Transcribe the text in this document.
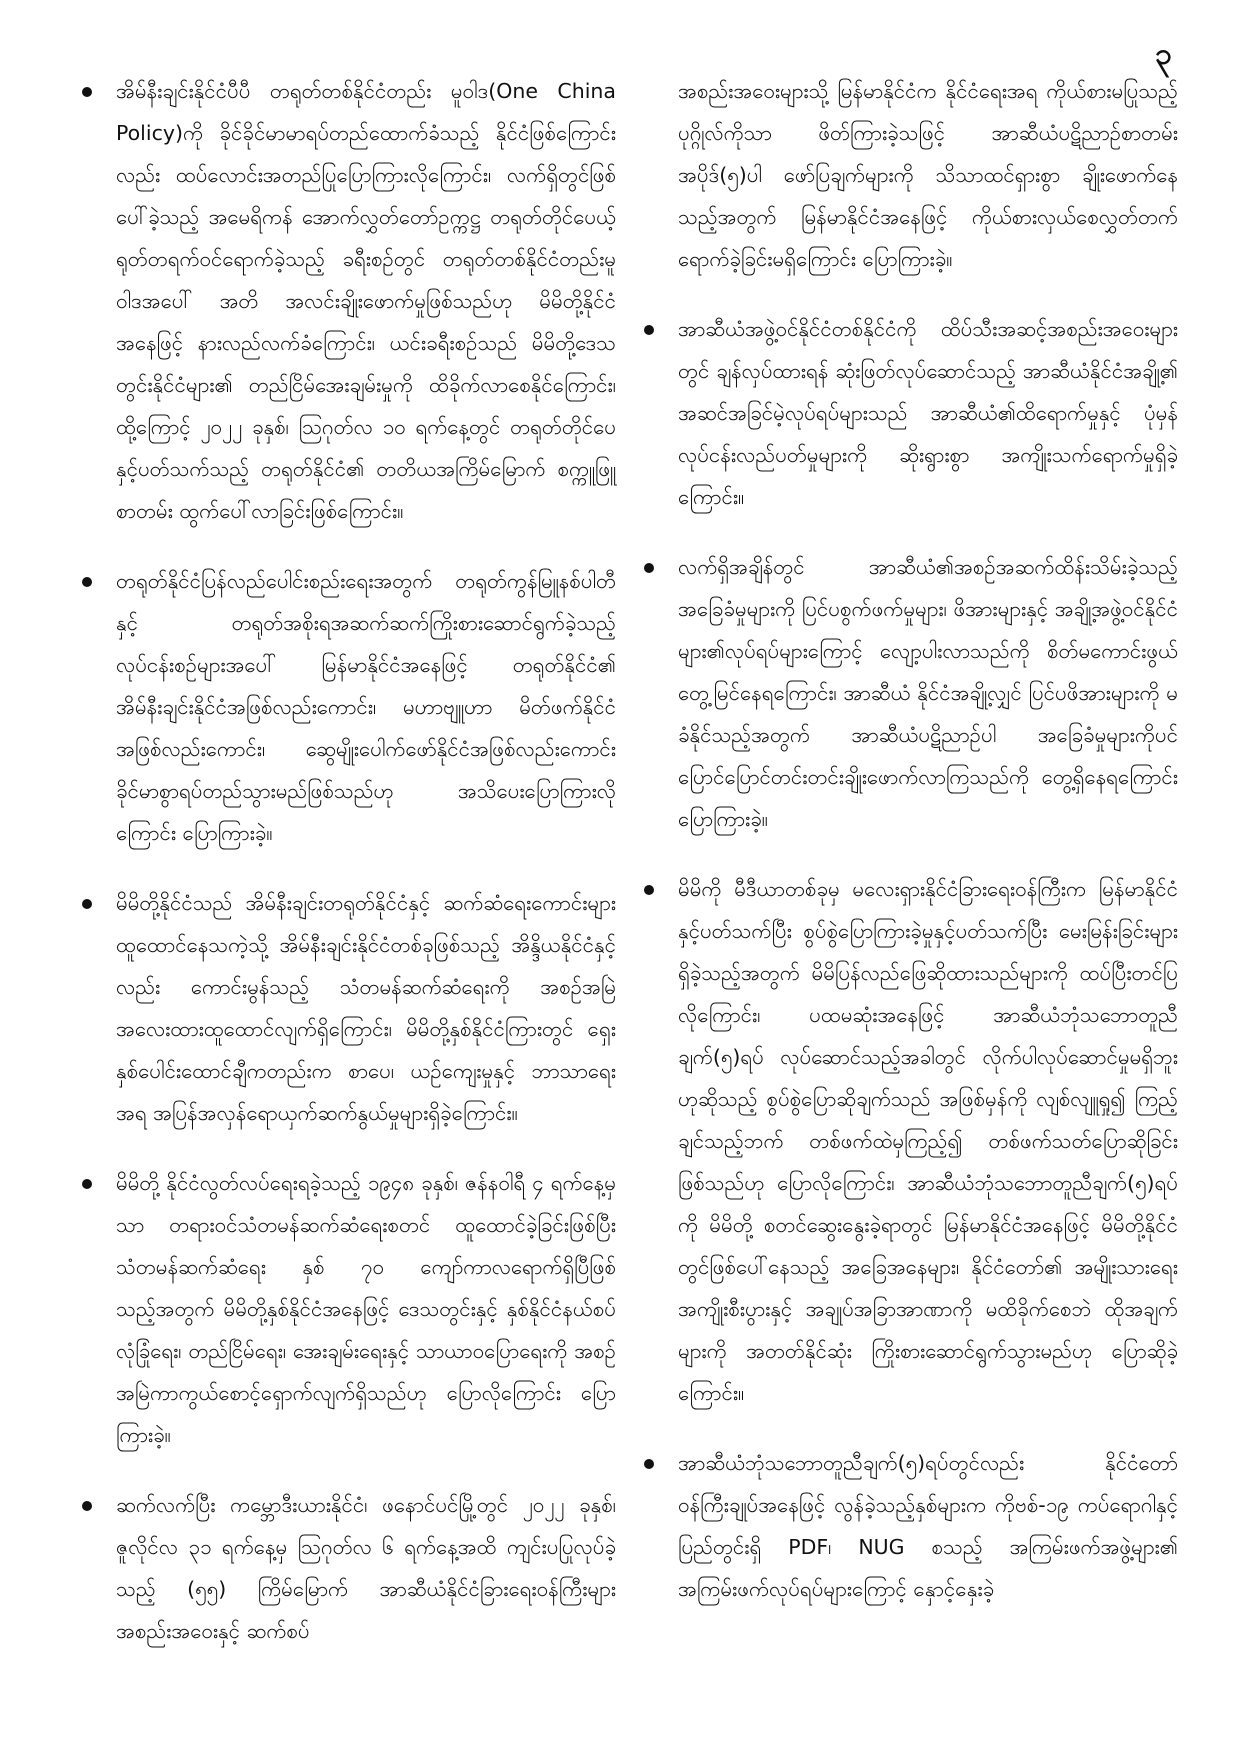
၃

အိမ်နီးချင်းနိုင်ငံပီပီ တရုတ်တစ်နိုင်ငံတည်း မူဝါဒ(One China Policy)ကို ခိုင်ခိုင်မာမာရပ်တည်ထောက်ခံသည့် နိုင်ငံဖြစ်ကြောင်းလည်း ထပ်လောင်းအတည်ပြုပြောကြားလိုကြောင်း၊ လက်ရှိတွင်ဖြစ်ပေါ်ခဲ့သည့် အမေရိကန် အောက်လွှတ်တော်ဥက္ကဋ္ဌ တရုတ်တိုင်ပေယ့် ရုတ်တရက်ဝင်ရောက်ခဲ့သည့် ခရီးစဉ်တွင် တရုတ်တစ်နိုင်ငံတည်းမူဝါဒအပေါ် အတိ အလင်းချိုးဖောက်မှုဖြစ်သည်ဟု မိမိတို့နိုင်ငံအနေဖြင့် နားလည်လက်ခံကြောင်း၊ ယင်းခရီးစဉ်သည် မိမိတို့ဒေသတွင်းနိုင်ငံများ၏ တည်ငြိမ်အေးချမ်းမှုကို ထိခိုက်လာစေနိုင်ကြောင်း၊ ထို့ကြောင့် ၂၀၂၂ ခုနှစ်၊ ဩဂုတ်လ ၁၀ ရက်နေ့တွင် တရုတ်တိုင်ပေနှင့်ပတ်သက်သည့် တရုတ်နိုင်ငံ၏ တတိယအကြိမ်မြောက် စက္ကူဖြူစာတမ်း ထွက်ပေါ်လာခြင်းဖြစ်ကြောင်း။

တရုတ်နိုင်ငံပြန်လည်ပေါင်းစည်းရေးအတွက် တရုတ်ကွန်မြူနစ်ပါတီနှင့် တရုတ်အစိုးရအဆက်ဆက်ကြိုးစားဆောင်ရွက်ခဲ့သည့် လုပ်ငန်းစဉ်များအပေါ် မြန်မာနိုင်ငံအနေဖြင့် တရုတ်နိုင်ငံ၏ အိမ်နီးချင်းနိုင်ငံအဖြစ်လည်းကောင်း၊ မဟာဗျူဟာ မိတ်ဖက်နိုင်ငံအဖြစ်လည်းကောင်း၊ ဆွေမျိုးပေါက်ဖော်နိုင်ငံအဖြစ်လည်းကောင်း ခိုင်မာစွာရပ်တည်သွားမည်ဖြစ်သည်ဟု အသိပေးပြောကြားလိုကြောင်း ပြောကြားခဲ့။

မိမိတို့နိုင်ငံသည် အိမ်နီးချင်းတရုတ်နိုင်ငံနှင့် ဆက်ဆံရေးကောင်းများ ထူထောင်နေသကဲ့သို့ အိမ်နီးချင်းနိုင်ငံတစ်ခုဖြစ်သည့် အိန္ဒိယနိုင်ငံနှင့်လည်း ကောင်းမွန်သည့် သံတမန်ဆက်ဆံရေးကို အစဉ်အမြဲအလေးထားထူထောင်လျက်ရှိကြောင်း၊ မိမိတို့နှစ်နိုင်ငံကြားတွင် ရှေးနှစ်ပေါင်းထောင်ချီကတည်းက စာပေ၊ ယဉ်ကျေးမှုနှင့် ဘာသာရေးအရ အပြန်အလှန်ရောယှက်ဆက်နွယ်မှုများရှိခဲ့ကြောင်း။

မိမိတို့ နိုင်ငံလွတ်လပ်ရေးရခဲ့သည့် ၁၉၄၈ ခုနှစ်၊ ဇန်နဝါရီ ၄ ရက်နေ့မှသာ တရားဝင်သံတမန်ဆက်ဆံရေးစတင် ထူထောင်ခဲ့ခြင်းဖြစ်ပြီး သံတမန်ဆက်ဆံရေး နှစ် ၇၀ ကျော်ကာလရောက်ရှိပြီဖြစ်သည့်အတွက် မိမိတို့နှစ်နိုင်ငံအနေဖြင့် ဒေသတွင်းနှင့် နှစ်နိုင်ငံနယ်စပ်လုံခြုံရေး၊ တည်ငြိမ်ရေး၊ အေးချမ်းရေးနှင့် သာယာဝပြောရေးကို အစဉ်အမြဲကာကွယ်စောင့်ရှောက်လျက်ရှိသည်ဟု ပြောလိုကြောင်း ပြောကြားခဲ့။

ဆက်လက်ပြီး ကမ္ဘောဒီးယားနိုင်ငံ၊ ဖနောင်ပင်မြို့တွင် ၂၀၂၂ ခုနှစ်၊ ဇူလိုင်လ ၃၁ ရက်နေ့မှ ဩဂုတ်လ ၆ ရက်နေ့အထိ ကျင်းပပြုလုပ်ခဲ့သည့် (၅၅) ကြိမ်မြောက် အာဆီယံနိုင်ငံခြားရေးဝန်ကြီးများအစည်းအဝေးနှင့် ဆက်စပ်

အစည်းအဝေးများသို့ မြန်မာနိုင်ငံက နိုင်ငံရေးအရ ကိုယ်စားမပြုသည့် ပုဂ္ဂိုလ်ကိုသာ ဖိတ်ကြားခဲ့သဖြင့် အာဆီယံပဋိညာဉ်စာတမ်းအပိုဒ်(၅)ပါ ဖော်ပြချက်များကို သိသာထင်ရှားစွာ ချိုးဖောက်နေသည့်အတွက် မြန်မာနိုင်ငံအနေဖြင့် ကိုယ်စားလှယ်စေလွှတ်တက်ရောက်ခဲ့ခြင်းမရှိကြောင်း ပြောကြားခဲ့။

အာဆီယံအဖွဲ့ဝင်နိုင်ငံတစ်နိုင်ငံကို ထိပ်သီးအဆင့်အစည်းအဝေးများတွင် ချန်လှပ်ထားရန် ဆုံးဖြတ်လုပ်ဆောင်သည့် အာဆီယံနိုင်ငံအချို့၏ အဆင်အခြင်မဲ့လုပ်ရပ်များသည် အာဆီယံ၏ထိရောက်မှုနှင့် ပုံမှန်လုပ်ငန်းလည်ပတ်မှုများကို ဆိုးရွားစွာ အကျိုးသက်ရောက်မှုရှိခဲ့ကြောင်း။

လက်ရှိအချိန်တွင် အာဆီယံ၏အစဉ်အဆက်ထိန်းသိမ်းခဲ့သည့် အခြေခံမှုများကို ပြင်ပစွက်ဖက်မှုများ၊ ဖိအားများနှင့် အချို့အဖွဲ့ဝင်နိုင်ငံများ၏လုပ်ရပ်များကြောင့် လျော့ပါးလာသည်ကို စိတ်မကောင်းဖွယ်တွေ့မြင်နေရကြောင်း၊ အာဆီယံ နိုင်ငံအချို့လျှင် ပြင်ပဖိအားများကို မခံနိုင်သည့်အတွက် အာဆီယံပဋိညာဉ်ပါ အခြေခံမှုများကိုပင် ပြောင်ပြောင်တင်းတင်းချိုးဖောက်လာကြသည်ကို တွေ့ရှိနေရကြောင်း ပြောကြားခဲ့။

မိမိကို မီဒီယာတစ်ခုမှ မလေးရှားနိုင်ငံခြားရေးဝန်ကြီးက မြန်မာနိုင်ငံနှင့်ပတ်သက်ပြီး စွပ်စွဲပြောကြားခဲ့မှုနှင့်ပတ်သက်ပြီး မေးမြန်းခြင်းများရှိခဲ့သည့်အတွက် မိမိပြန်လည်ဖြေဆိုထားသည်များကို ထပ်ပြီးတင်ပြလိုကြောင်း၊ ပထမဆုံးအနေဖြင့် အာဆီယံဘုံသဘောတူညီချက်(၅)ရပ် လုပ်ဆောင်သည့်အခါတွင် လိုက်ပါလုပ်ဆောင်မှုမရှိဘူးဟုဆိုသည့် စွပ်စွဲပြောဆိုချက်သည် အဖြစ်မှန်ကို လျစ်လျူရှု၍ ကြည့်ချင်သည့်ဘက် တစ်ဖက်ထဲမှကြည့်၍ တစ်ဖက်သတ်ပြောဆိုခြင်းဖြစ်သည်ဟု ပြောလိုကြောင်း၊ အာဆီယံဘုံသဘောတူညီချက်(၅)ရပ်ကို မိမိတို့ စတင်ဆွေးနွေးခဲ့ရာတွင် မြန်မာနိုင်ငံအနေဖြင့် မိမိတို့နိုင်ငံတွင်ဖြစ်ပေါ်နေသည့် အခြေအနေများ၊ နိုင်ငံတော်၏ အမျိုးသားရေးအကျိုးစီးပွားနှင့် အချုပ်အခြာအာဏာကို မထိခိုက်စေဘဲ ထိုအချက်များကို အတတ်နိုင်ဆုံး ကြိုးစားဆောင်ရွက်သွားမည်ဟု ပြောဆိုခဲ့ကြောင်း။

အာဆီယံဘုံသဘောတူညီချက်(၅)ရပ်တွင်လည်း နိုင်ငံတော်ဝန်ကြီးချုပ်အနေဖြင့် လွန်ခဲ့သည့်နှစ်များက ကိုဗစ်-၁၉ ကပ်ရောဂါနှင့် ပြည်တွင်းရှိ PDF၊ NUG စသည့် အကြမ်းဖက်အဖွဲ့များ၏ အကြမ်းဖက်လုပ်ရပ်များကြောင့် နှောင့်နှေးခဲ့
